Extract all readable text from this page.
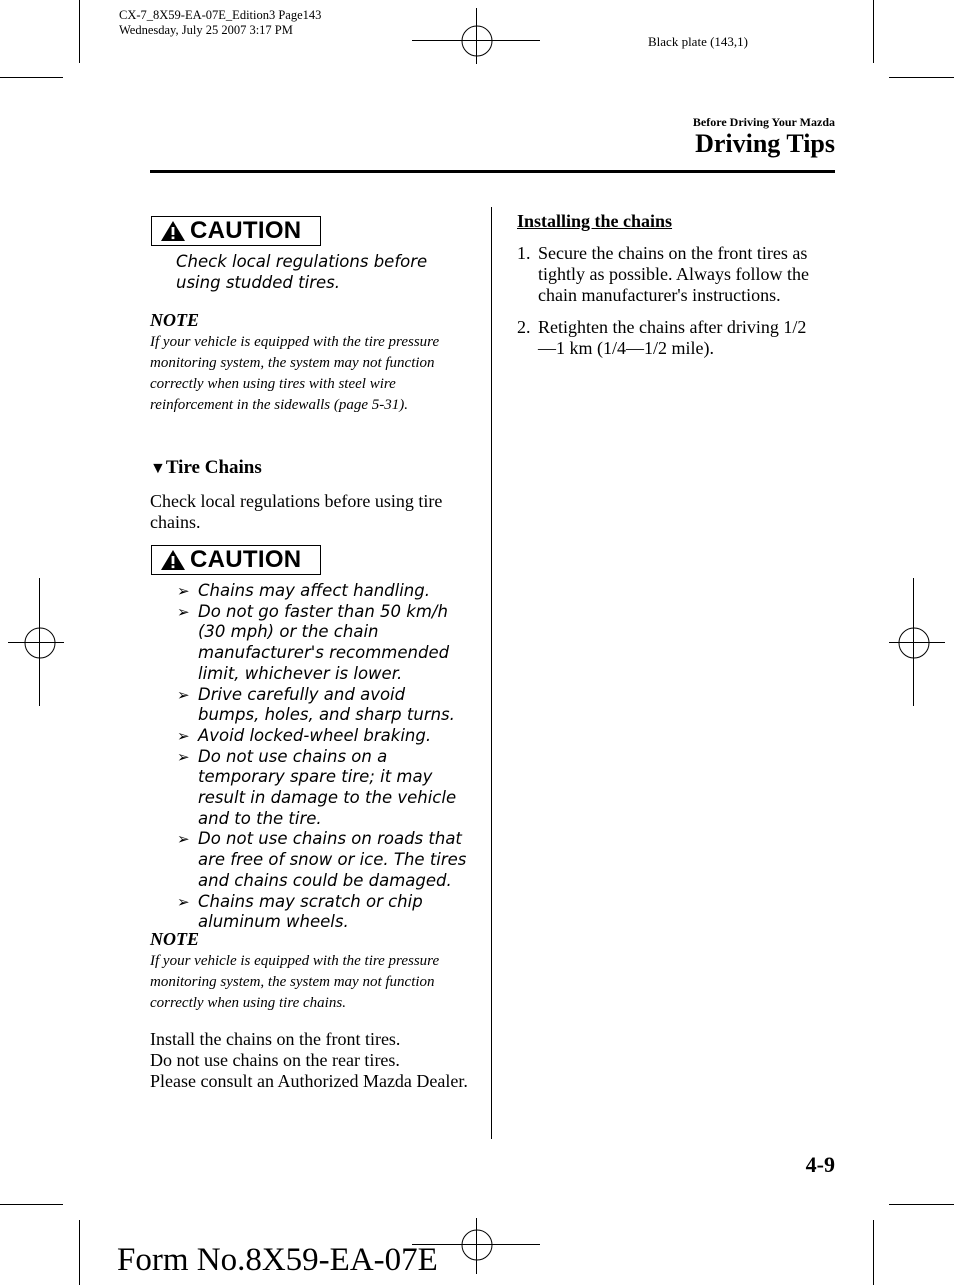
CX-7_8X59-EA-07E_Edition3 Page143
Wednesday, July 25 2007 3:17 PM
Black plate (143,1)
Before Driving Your Mazda
Driving Tips
CAUTION
Check local regulations before using studded tires.
NOTE
If your vehicle is equipped with the tire pressure monitoring system, the system may not function correctly when using tires with steel wire reinforcement in the sidewalls (page 5-31).
▼Tire Chains
Check local regulations before using tire chains.
CAUTION
➢ Chains may affect handling.
➢ Do not go faster than 50 km/h (30 mph) or the chain manufacturer's recommended limit, whichever is lower.
➢ Drive carefully and avoid bumps, holes, and sharp turns.
➢ Avoid locked-wheel braking.
➢ Do not use chains on a temporary spare tire; it may result in damage to the vehicle and to the tire.
➢ Do not use chains on roads that are free of snow or ice. The tires and chains could be damaged.
➢ Chains may scratch or chip aluminum wheels.
NOTE
If your vehicle is equipped with the tire pressure monitoring system, the system may not function correctly when using tire chains.
Install the chains on the front tires.
Do not use chains on the rear tires.
Please consult an Authorized Mazda Dealer.
Installing the chains
1. Secure the chains on the front tires as tightly as possible. Always follow the chain manufacturer's instructions.
2. Retighten the chains after driving 1/2 ―1 km (1/4―1/2 mile).
4-9
Form No.8X59-EA-07E
